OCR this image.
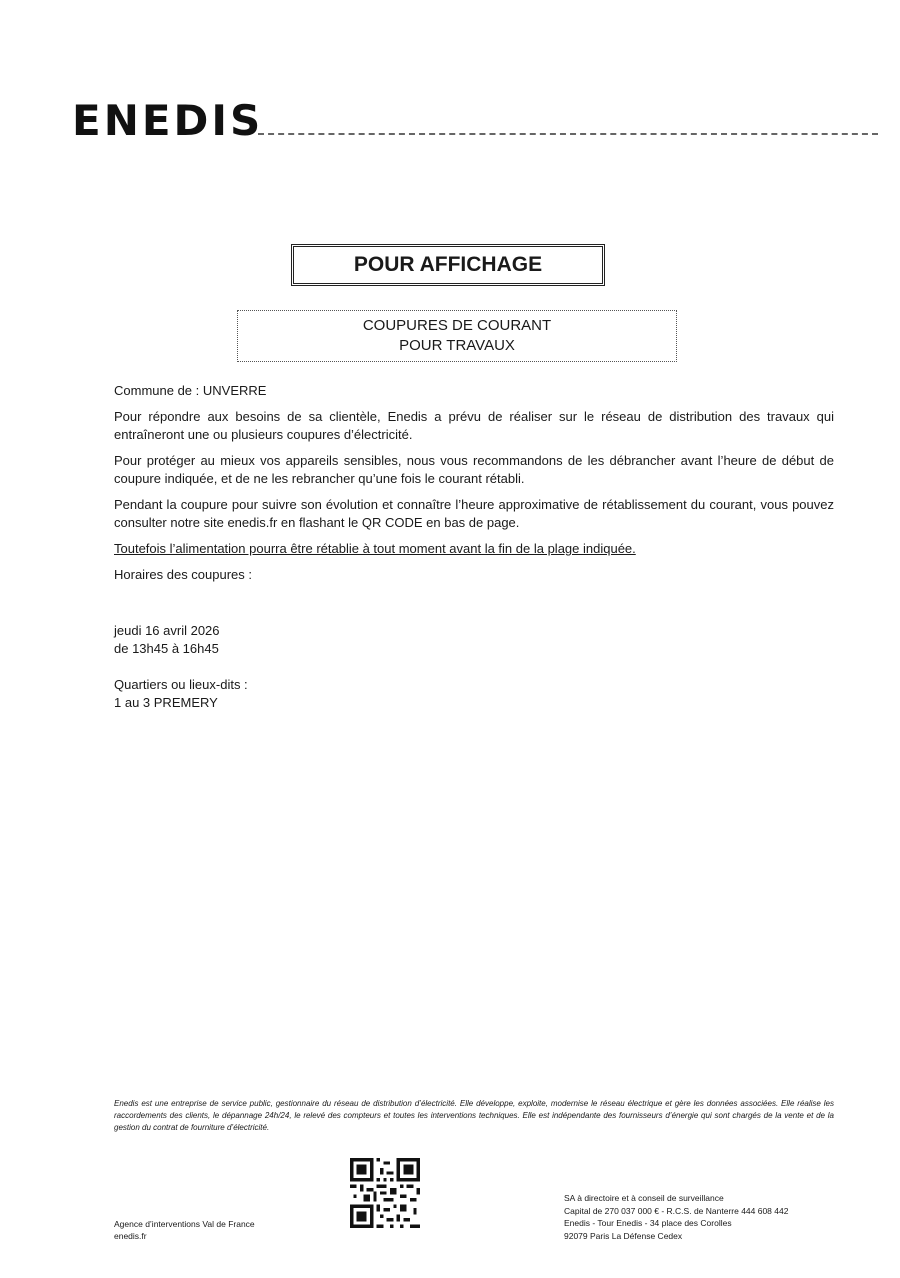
ENEDIS
POUR AFFICHAGE
COUPURES DE COURANT
POUR TRAVAUX

Commune de : UNVERRE

Pour répondre aux besoins de sa clientèle, Enedis a prévu de réaliser sur le réseau de distribution des travaux qui entraîneront une ou plusieurs coupures d’électricité.

Pour protéger au mieux vos appareils sensibles, nous vous recommandons de les débrancher avant l’heure de début de coupure indiquée, et de ne les rebrancher qu’une fois le courant rétabli.

Pendant la coupure pour suivre son évolution et connaître l’heure approximative de rétablissement du courant, vous pouvez consulter notre site enedis.fr en flashant le QR CODE en bas de page.

Toutefois l’alimentation pourra être rétablie à tout moment avant la fin de la plage indiquée.

Horaires des coupures :

jeudi 16 avril 2026

de 13h45 à 16h45

Quartiers ou lieux-dits :

1 au 3 PREMERY

Enedis est une entreprise de service public, gestionnaire du réseau de distribution d’électricité. Elle développe, exploite, modernise le réseau électrique et gère les données associées. Elle réalise les raccordements des clients, le dépannage 24h/24, le relevé des compteurs et toutes les interventions techniques. Elle est indépendante des fournisseurs d’énergie qui sont chargés de la vente et de la gestion du contrat de fourniture d’électricité.
Agence d’interventions Val de France
enedis.fr
SA à directoire et à conseil de surveillance
Capital de 270 037 000 € - R.C.S. de Nanterre 444 608 442
Enedis - Tour Enedis - 34 place des Corolles
92079 Paris La Défense Cedex
